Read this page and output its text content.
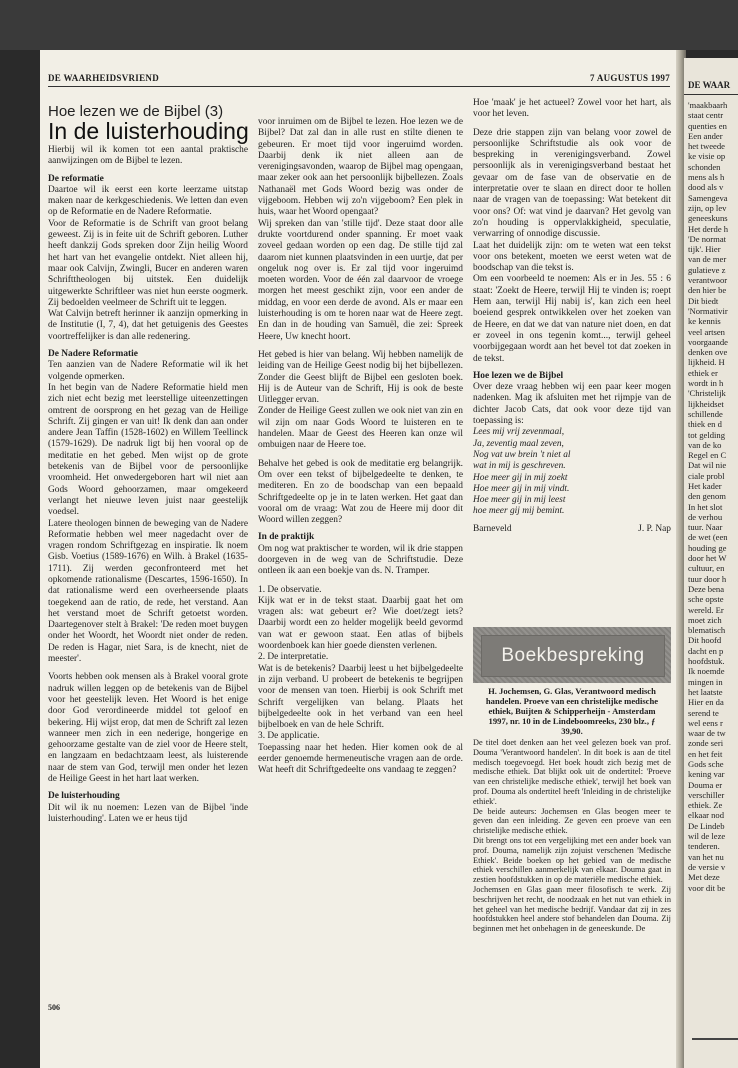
DE WAARHEIDSVRIEND	7 AUGUSTUS 1997
Hoe lezen we de Bijbel (3)
In de luisterhouding

Hierbij wil ik komen tot een aantal praktische aanwijzingen om de Bijbel te lezen.

De reformatie

Daartoe wil ik eerst een korte leerzame uitstap maken naar de kerkgeschiedenis. We letten dan even op de Reformatie en de Nadere Reformatie.

Voor de Reformatie is de Schrift van groot belang geweest. Zij is in feite uit de Schrift geboren. Luther heeft dankzij Gods spreken door Zijn heilig Woord het hart van het evangelie ontdekt. Niet alleen hij, maar ook Calvijn, Zwingli, Bucer en anderen waren Schrifttheologen bij uitstek. Een duidelijk uitgewerkte Schriftleer was niet hun eerste oogmerk. Zij bedoelden veelmeer de Schrift uit te leggen.

Wat Calvijn betreft herinner ik aanzijn opmerking in de Institutie (I, 7, 4), dat het getuigenis des Geestes voortreffelijker is dan alle redenering.

De Nadere Reformatie

Ten aanzien van de Nadere Reformatie wil ik het volgende opmerken.

In het begin van de Nadere Reformatie hield men zich niet echt bezig met leerstellige uiteenzettingen omtrent de oorsprong en het gezag van de Heilige Schrift. Zij gingen er van uit! Ik denk dan aan onder andere Jean Taffin (1528-1602) en Willem Teellinck (1579-1629). De nadruk ligt bij hen vooral op de meditatie en het gebed. Men wijst op de grote betekenis van de Bijbel voor de persoonlijke vroomheid. Het onwedergeboren hart wil niet aan Gods Woord gehoorzamen, maar omgekeerd verlangt het nieuwe leven juist naar geestelijk voedsel.

Latere theologen binnen de beweging van de Nadere Reformatie hebben wel meer nagedacht over de vragen rondom Schriftgezag en inspiratie. Ik noem Gisb. Voetius (1589-1676) en Wilh. à Brakel (1635-1711). Zij werden geconfronteerd met het opkomende rationalisme (Descartes, 1596-1650). In dat rationalisme werd een overheersende plaats toegekend aan de ratio, de rede, het verstand. Aan het verstand moet de Schrift getoetst worden. Daartegenover stelt à Brakel: 'De reden moet buygen onder het Woordt, het Woordt niet onder de reden. De reden is Hagar, niet Sara, is de knecht, niet de meester'.

Voorts hebben ook mensen als à Brakel vooral grote nadruk willen leggen op de betekenis van de Bijbel voor het geestelijk leven. Het Woord is het enige door God verordineerde middel tot geloof en bekering. Hij wijst erop, dat men de Schrift zal lezen wanneer men zich in een nederige, hongerige en gehoorzame gestalte van de ziel voor de Heere stelt, en langzaam en bedachtzaam leest, als luisterende naar de stem van God, terwijl men onder het lezen de Heilige Geest in het hart laat werken.

De luisterhouding

Dit wil ik nu noemen: Lezen van de Bijbel 'inde luisterhouding'. Laten we er heus tijd

voor inruimen om de Bijbel te lezen. Hoe lezen we de Bijbel? Dat zal dan in alle rust en stilte dienen te gebeuren. Er moet tijd voor ingeruimd worden. Daarbij denk ik niet alleen aan de verenigingsavonden, waarop de Bijbel mag opengaan, maar zeker ook aan het persoonlijk bijbellezen. Zoals Nathanaël met Gods Woord bezig was onder de vijgeboom. Hebben wij zo'n vijgeboom? Een plek in huis, waar het Woord opengaat?

Wij spreken dan van 'stille tijd'. Deze staat door alle drukte voortdurend onder spanning. Er moet vaak zoveel gedaan worden op een dag. De stille tijd zal daarom niet kunnen plaatsvinden in een uurtje, dat per ongeluk nog over is. Er zal tijd voor ingeruimd moeten worden. Voor de één zal daarvoor de vroege morgen het meest geschikt zijn, voor een ander de middag, en voor een derde de avond. Als er maar een luisterhouding is om te horen naar wat de Heere zegt. En dan in de houding van Samuël, die zei: Spreek Heere, Uw knecht hoort.

Het gebed is hier van belang. Wij hebben namelijk de leiding van de Heilige Geest nodig bij het bijbellezen. Zonder die Geest blijft de Bijbel een gesloten boek. Hij is de Auteur van de Schrift, Hij is ook de beste Uitlegger ervan.

Zonder de Heilige Geest zullen we ook niet van zin en wil zijn om naar Gods Woord te luisteren en te handelen. Maar de Geest des Heeren kan onze wil ombuigen naar de Heere toe.

Behalve het gebed is ook de meditatie erg belangrijk. Om over een tekst of bijbelgedeelte te denken, te mediteren. En zo de boodschap van een bepaald Schriftgedeelte op je in te laten werken. Het gaat dan vooral om de vraag: Wat zou de Heere mij door dit Woord willen zeggen?

In de praktijk

Om nog wat praktischer te worden, wil ik drie stappen doorgeven in de weg van de Schriftstudie. Deze ontleen ik aan een boekje van ds. N. Tramper.

1. De observatie.

Kijk wat er in de tekst staat. Daarbij gaat het om vragen als: wat gebeurt er? Wie doet/zegt iets? Daarbij wordt een zo helder mogelijk beeld gevormd van wat er gewoon staat. Een atlas of bijbels woordenboek kan hier goede diensten verlenen.

2. De interpretatie.

Wat is de betekenis? Daarbij leest u het bijbelgedeelte in zijn verband. U probeert de betekenis te begrijpen voor de mensen van toen. Hierbij is ook Schrift met Schrift vergelijken van belang. Plaats het bijbelgedeelte ook in het verband van een heel bijbelboek en van de hele Schrift.

3. De applicatie.

Toepassing naar het heden. Hier komen ook de al eerder genoemde hermeneutische vragen aan de orde. Wat heeft dit Schriftgedeelte ons vandaag te zeggen?

Hoe 'maak' je het actueel? Zowel voor het hart, als voor het leven.

Deze drie stappen zijn van belang voor zowel de persoonlijke Schriftstudie als ook voor de bespreking in verenigingsverband. Zowel persoonlijk als in verenigingsverband bestaat het gevaar om de fase van de observatie en de interpretatie over te slaan en direct door te hollen naar de vragen van de toepassing: Wat betekent dit voor ons? Of: wat vind je daarvan? Het gevolg van zo'n houding is oppervlakkigheid, speculatie, verwarring of onnodige discussie.

Laat het duidelijk zijn: om te weten wat een tekst voor ons betekent, moeten we eerst weten wat de boodschap van die tekst is.

Om een voorbeeld te noemen: Als er in Jes. 55 : 6 staat: 'Zoekt de Heere, terwijl Hij te vinden is; roept Hem aan, terwijl Hij nabij is', kan zich een heel boeiend gesprek ontwikkelen over het zoeken van de Heere, en dat we dat van nature niet doen, en dat er zoveel in ons tegenin komt..., terwijl geheel voorbijgegaan wordt aan het bevel tot dat zoeken in de tekst.

Hoe lezen we de Bijbel

Over deze vraag hebben wij een paar keer mogen nadenken. Mag ik afsluiten met het rijmpje van de dichter Jacob Cats, dat ook voor deze tijd van toepassing is:

Lees mij vrij zevenmaal,

Ja, zeventig maal zeven,

Nog vat uw brein 't niet al

wat in mij is geschreven.

Hoe meer gij in mij zoekt

Hoe meer gij in mij vindt.

Hoe meer gij in mij leest

hoe meer gij mij bemint.

Barneveld	J. P. Nap
Boekbespreking

H. Jochemsen, G. Glas, Verantwoord medisch handelen. Proeve van een christelijke medische ethiek, Buijten & Schipperheijn - Amsterdam 1997, nr. 10 in de Lindeboomreeks, 230 blz., ƒ 39,90.

De titel doet denken aan het veel gelezen boek van prof. Douma 'Verantwoord handelen'. In dit boek is aan de titel medisch toegevoegd. Het boek houdt zich bezig met de medische ethiek. Dat blijkt ook uit de ondertitel: 'Proeve van een christelijke medische ethiek', terwijl het boek van prof. Douma als ondertitel heeft 'Inleiding in de christelijke ethiek'.

De beide auteurs: Jochemsen en Glas beogen meer te geven dan een inleiding. Ze geven een proeve van een christelijke medische ethiek.

Dit brengt ons tot een vergelijking met een ander boek van prof. Douma, namelijk zijn zojuist verschenen 'Medische Ethiek'. Beide boeken op het gebied van de medische ethiek verschillen aanmerkelijk van elkaar. Douma gaat in zestien hoofdstukken in op de materiële medische ethiek.

Jochemsen en Glas gaan meer filosofisch te werk. Zij beschrijven het recht, de noodzaak en het nut van ethiek in het geheel van het medische bedrijf. Vandaar dat zij in zes hoofdstukken heel andere stof behandelen dan Douma. Zij beginnen met het onbehagen in de geneeskunde. De

506
DE WAAR
'maakbaarh
staat centr
quenties en
Een ander
het tweede
ke visie op
schonden
mens als h
dood als v
Samengeva
zijn, op lev
geneeskuns
Het derde h
'De normat
tijk'. Hier
van de mer
gulatieve z
verantwoor
den hier be
Dit biedt
'Normativir
ke kennis
veel artsen
voorgaande
denken ove
lijkheid. H
ethiek er
wordt in h
'Christelijk
lijkheidset
schillende
thiek en d
tot gelding
van de ko
Regel en C
Dat wil nie
ciale probl
Het kader
den genom
In het slot
de verhou
tuur. Naar
de wet (een
houding ge
door het W
cultuur, en
tuur door h
Deze bena
sche opste
wereld. Er
moet zich
blematisch
Dit hoofd
dacht en p
hoofdstuk.
Ik noemde
mingen in
het laatste
Hier en da
serend te
wel eens r
waar de tw
zonde seri
en het feit
Gods sche
kening var
Douma er
verschiller
ethiek. Ze
elkaar nod
De Lindeb
wil de leze
tenderen.
van het nu
de versie v
Met deze
voor dit be
